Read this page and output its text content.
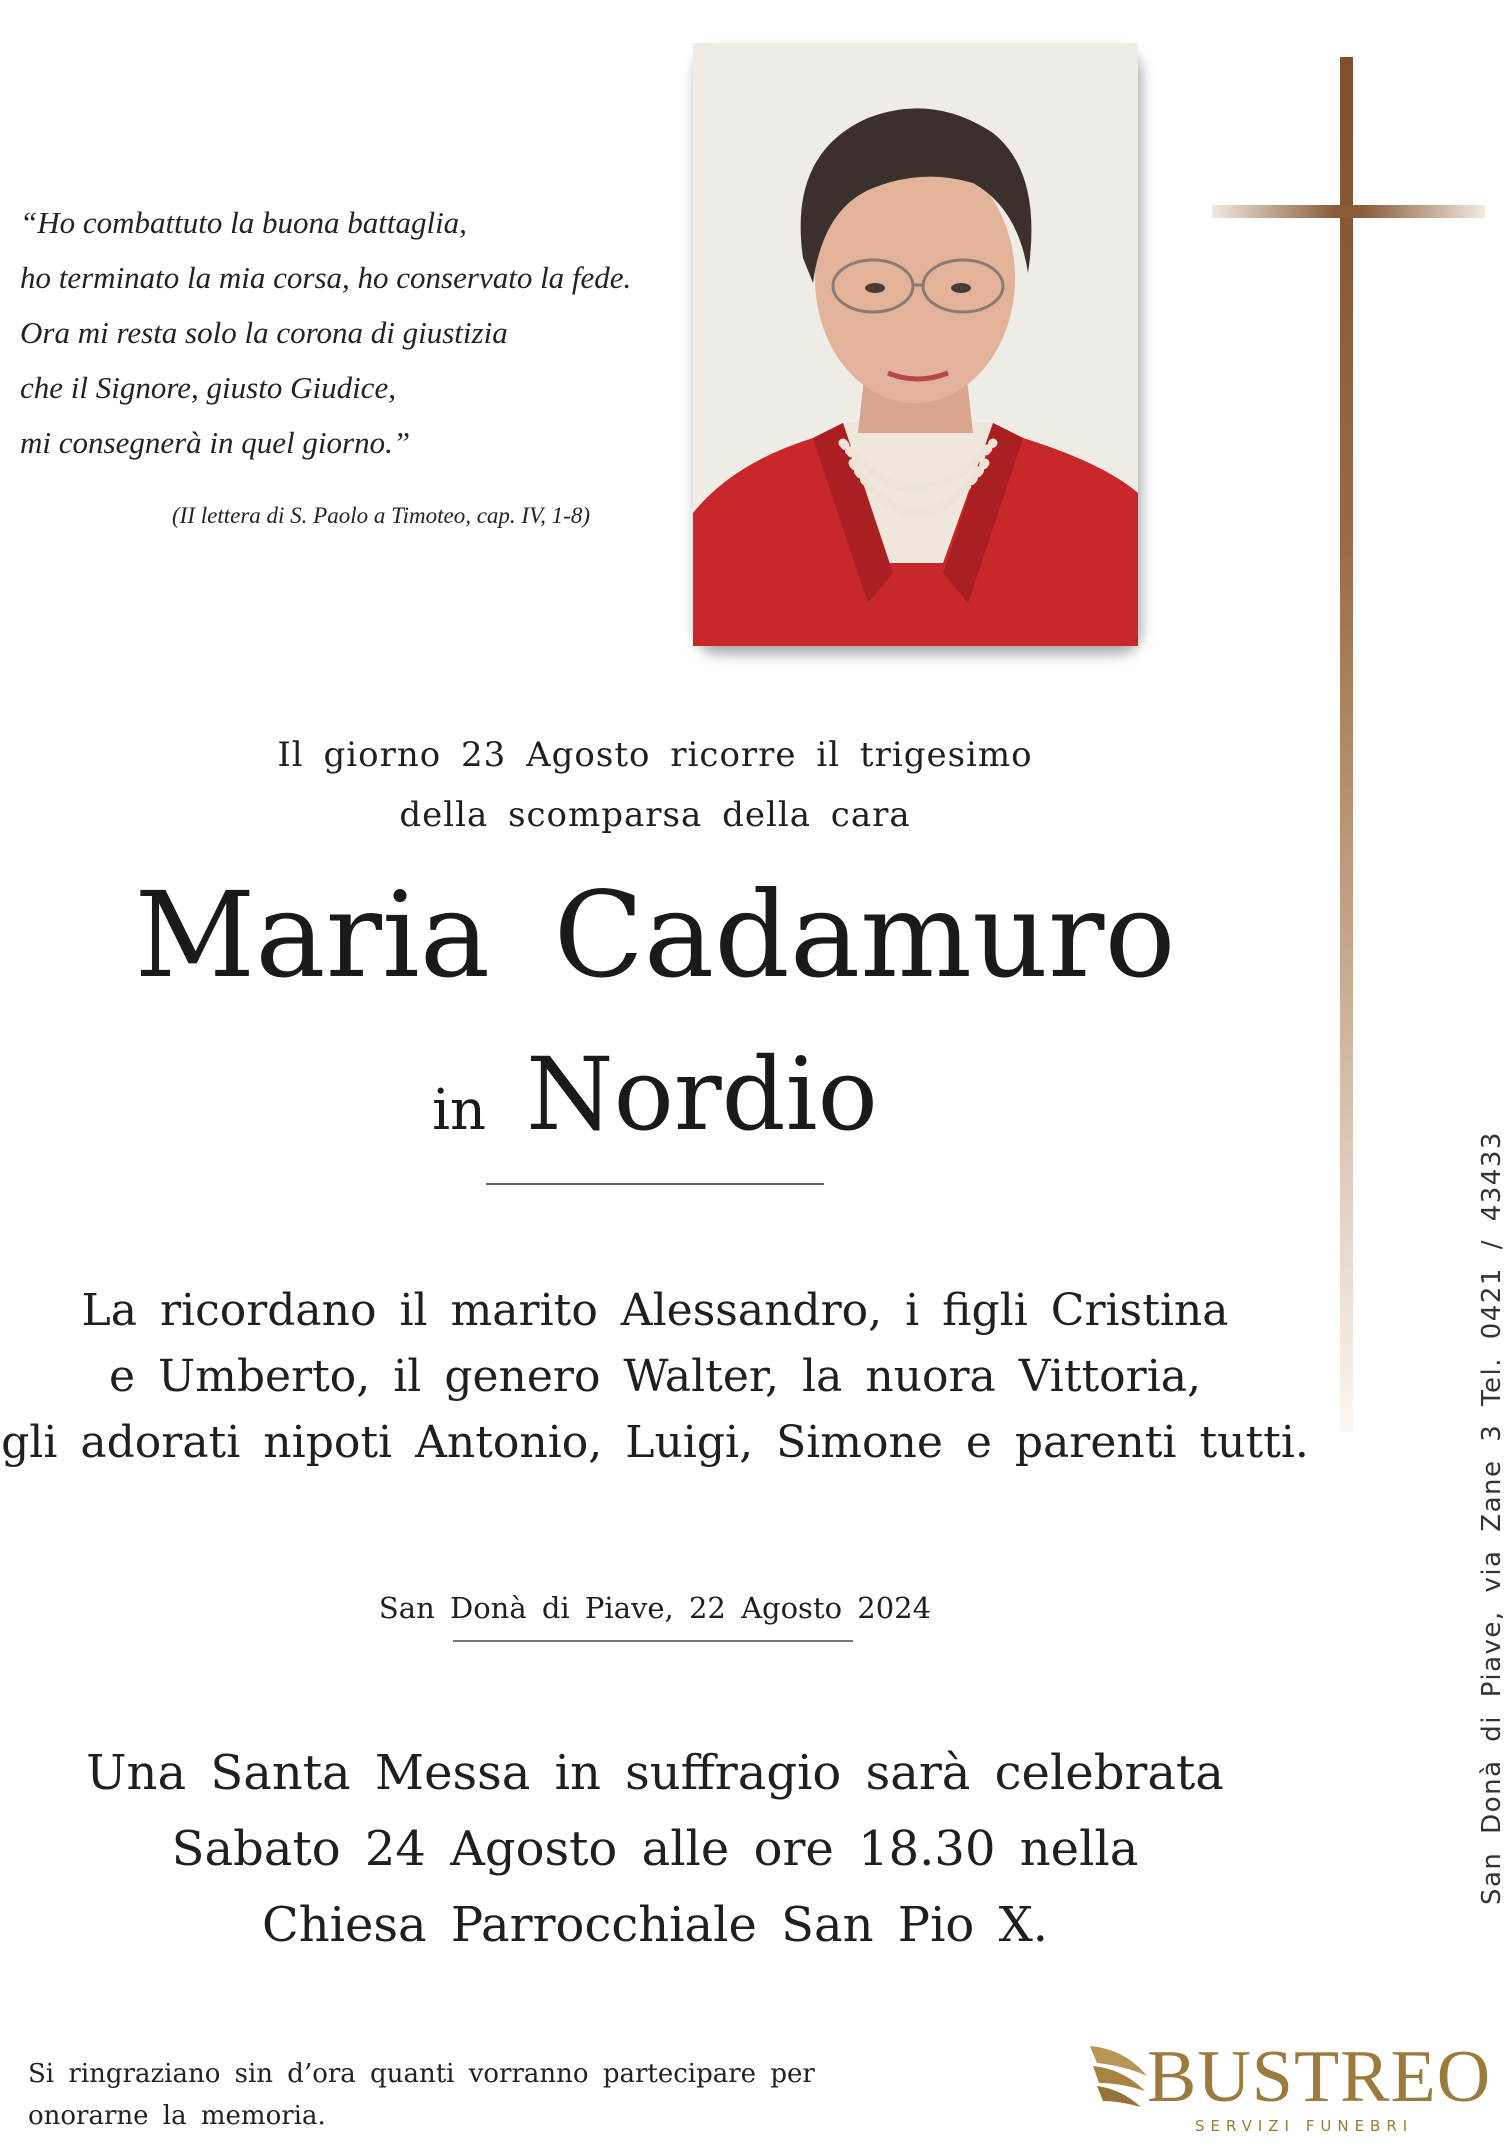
“Ho combattuto la buona battaglia,
ho terminato la mia corsa, ho conservato la fede.
Ora mi resta solo la corona di giustizia
che il Signore, giusto Giudice,
mi consegnerà in quel giorno.”
(II lettera di S. Paolo a Timoteo, cap. IV, 1-8)
Il giorno 23 Agosto ricorre il trigesimo
della scomparsa della cara
Maria Cadamuro
in Nordio
La ricordano il marito Alessandro, i figli Cristina
e Umberto, il genero Walter, la nuora Vittoria,
gli adorati nipoti Antonio, Luigi, Simone e parenti tutti.
San Donà di Piave, 22 Agosto 2024
Una Santa Messa in suffragio sarà celebrata
Sabato 24 Agosto alle ore 18.30 nella
Chiesa Parrocchiale San Pio X.
Si ringraziano sin d’ora quanti vorranno partecipare per
onorarne la memoria.
San Donà di Piave, via Zane 3 Tel. 0421 / 43433
BUSTREO
SERVIZI FUNEBRI
